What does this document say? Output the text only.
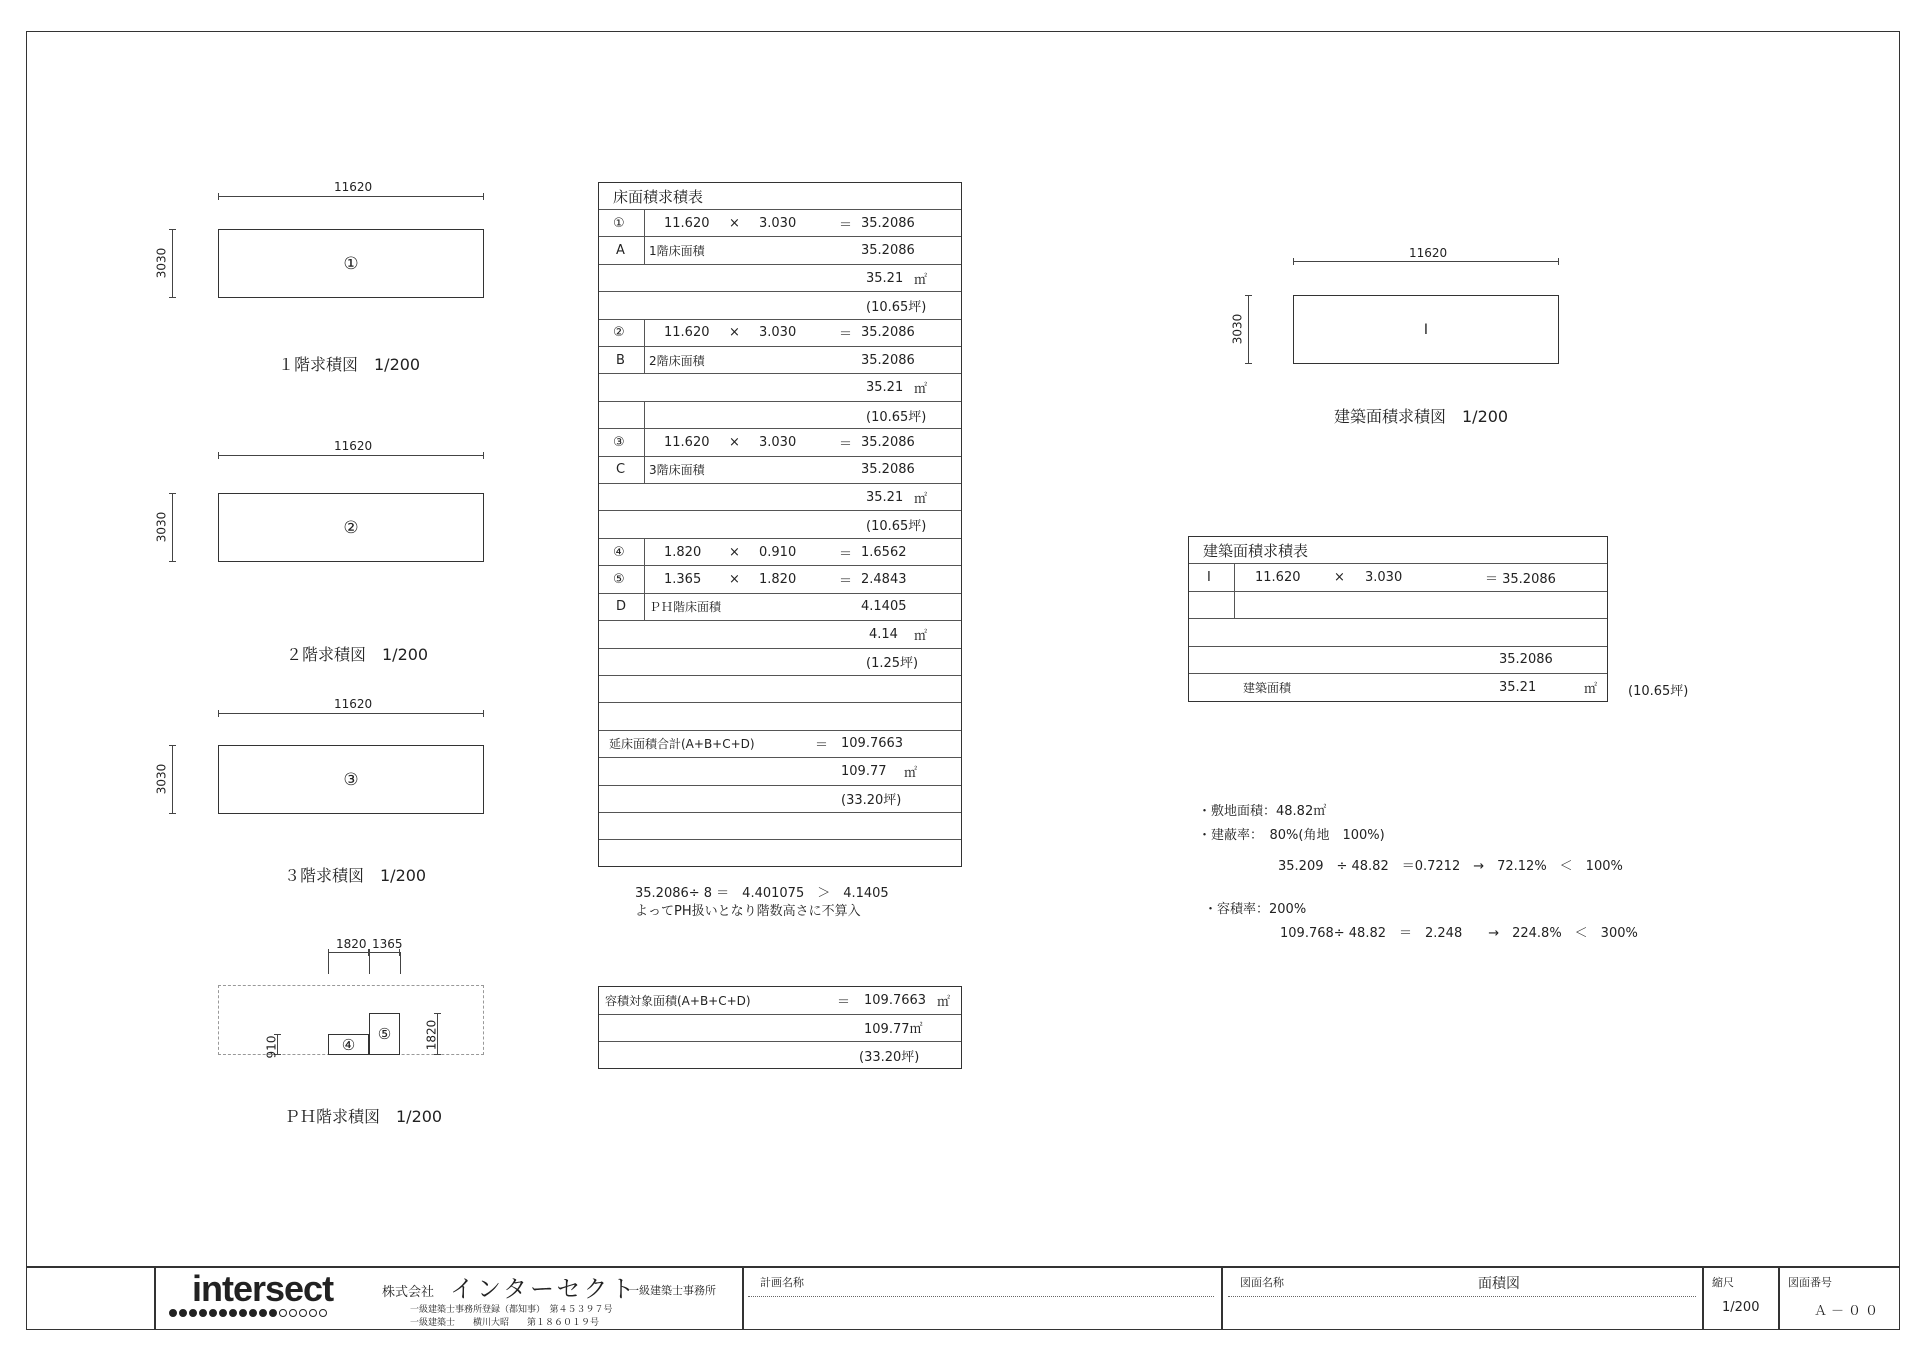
11620
3030	①
１階求積図　1/200
11620
3030	②
２階求積図　1/200
11620
3030	③
３階求積図　1/200
1820 1365
④
⑤
910	1820
ＰＨ階求積図　1/200
11620
3030	I
建築面積求積図　1/200
床面積求積表
①	11.620 × 3.030	＝ 35.2086
A 1階床面積	35.2086
35.21 ㎡
(10.65坪)
②	11.620 × 3.030	＝ 35.2086
B 2階床面積	35.2086
35.21 ㎡
(10.65坪)
③	11.620 × 3.030	＝ 35.2086
C 3階床面積	35.2086
35.21 ㎡
(10.65坪)
④	1.820 × 0.910	＝ 1.6562
⑤	1.365 × 1.820	＝ 2.4843
D ＰＨ階床面積	4.1405
4.14 ㎡
(1.25坪)
延床面積合計(A+B+C+D)	＝ 109.7663
109.77 ㎡
(33.20坪)
35.2086÷ 8 ＝　4.401075　＞　4.1405
よってPH扱いとなり階数高さに不算入
容積対象面積(A+B+C+D)	＝ 109.7663 ㎡
109.77㎡
(33.20坪)
建築面積求積表
I	11.620	× 3.030	＝ 35.2086
35.2086
建築面積	35.21	㎡ (10.65坪)
・敷地面積：48.82㎡
・建蔽率：　80%(角地　100%)
35.209　÷ 48.82　＝0.7212　→　72.12%　＜　100%
・容積率：200%
109.768÷ 48.82　＝　2.248　　→　224.8%　＜　300%
intersect	株式会社 インターセクト
一級建築士事務所
一級建築士事務所登録（都知事）　第４５３９７号
一級建築士　　横川大昭　　第１８６０１９号
計画名称	図面名称	面積図	縮尺
1/200
図面番号
Ａ－００
